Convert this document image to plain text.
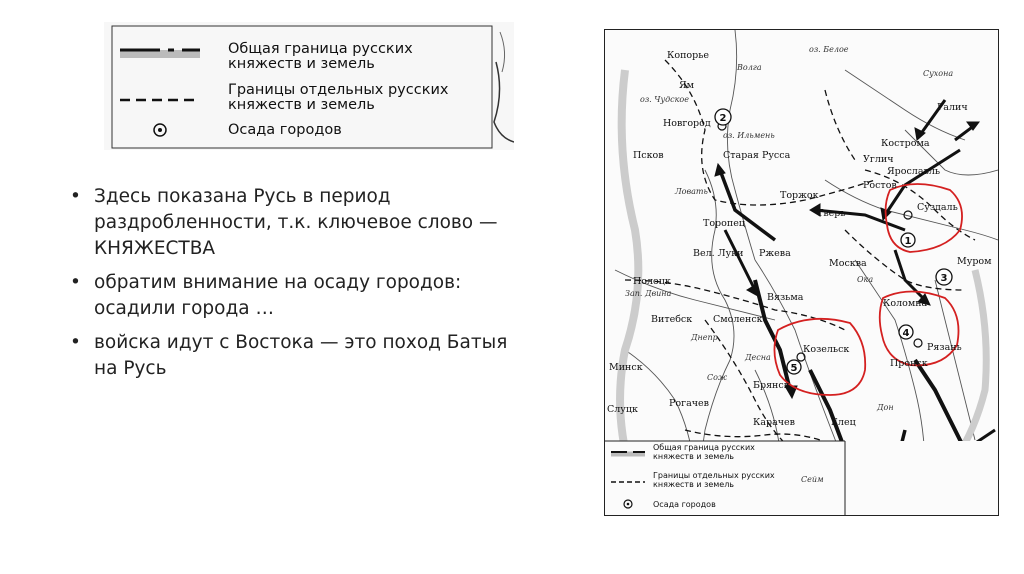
Общая граница русских
княжеств и земель
Границы отдельных русских
княжеств и земель
Осада городов
• Здесь показана Русь в период раздробленности, т.к. ключевое слово — КНЯЖЕСТВА
• обратим внимание на осаду городов: осадили города …
• войска идут с Востока — это поход Батыя на Русь
Копорье
Ям
оз. Чудское
Новгород
оз. Ильмень
Псков	Старая Русса
Торжок
Тверь
Торопец
Вел. Луки Ржева
Полоцк
Витебск Смоленск
Вязьма
Минск
Слуцк
Рогачев
Козельск
Брянск
Карачев	Елец
Москва
Коломна
Пронск
Рязань
Суздаль
Ростов
Ярославль
Углич
Кострома
Галич
Муром
оз. Белое
Сухона
Ока
Дон
Днепр
Десна
Сейм
Сож
Волга
Зап. Двина
Ловать
1
2
3
4
5
Общая граница русских княжеств и земель
Границы отдельных русских княжеств и земель
Осада городов
